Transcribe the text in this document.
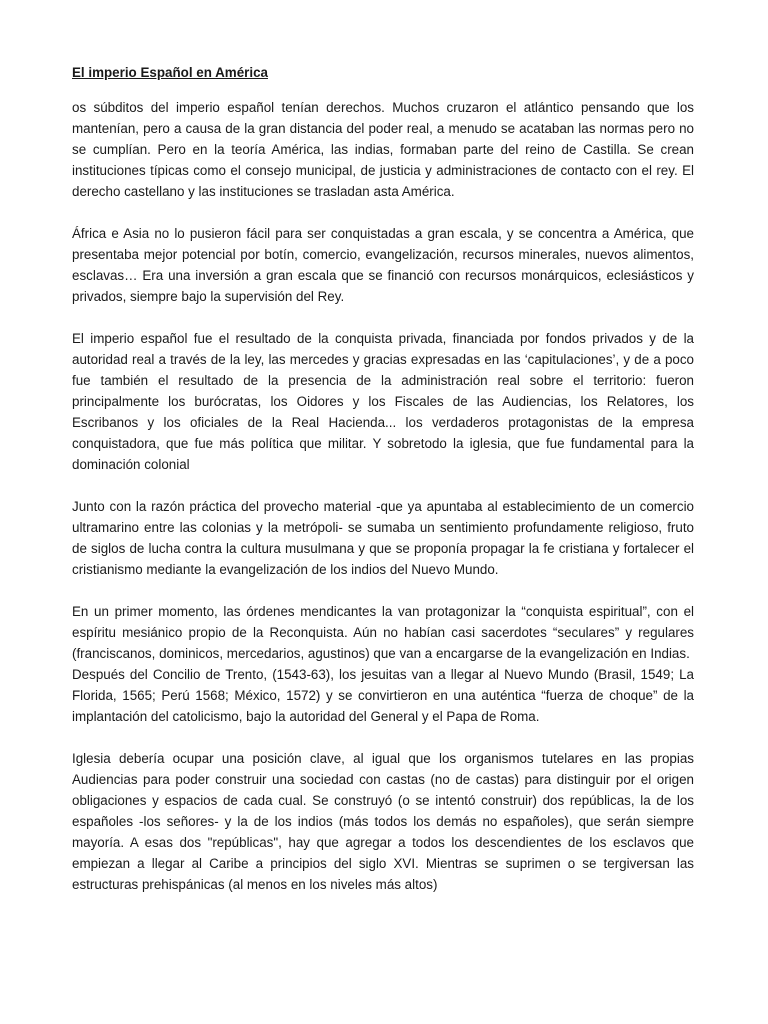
El imperio Español en América

os súbditos del imperio español tenían derechos. Muchos cruzaron el atlántico pensando que los mantenían, pero a causa de la gran distancia del poder real, a menudo se acataban las normas pero no se cumplían. Pero en la teoría América, las indias, formaban parte del reino de Castilla. Se crean instituciones típicas como el consejo municipal, de justicia y administraciones de contacto con el rey. El derecho castellano y las instituciones se trasladan asta América.

África e Asia no lo pusieron fácil para ser conquistadas a gran escala, y se concentra a América, que presentaba mejor potencial por botín, comercio, evangelización, recursos minerales, nuevos alimentos, esclavas… Era una inversión a gran escala que se financió con recursos monárquicos, eclesiásticos y privados, siempre bajo la supervisión del Rey.

El imperio español fue el resultado de la conquista privada, financiada por fondos privados y de la autoridad real a través de la ley, las mercedes y gracias expresadas en las ‘capitulaciones’, y de a poco fue también el resultado de la presencia de la administración real sobre el territorio: fueron principalmente los burócratas, los Oidores y los Fiscales de las Audiencias, los Relatores, los Escribanos y los oficiales de la Real Hacienda... los verdaderos protagonistas de la empresa conquistadora, que fue más política que militar. Y sobretodo la iglesia, que fue fundamental para la dominación colonial

Junto con la razón práctica del provecho material -que ya apuntaba al establecimiento de un comercio ultramarino entre las colonias y la metrópoli- se sumaba un sentimiento profundamente religioso, fruto de siglos de lucha contra la cultura musulmana y que se proponía propagar la fe cristiana y fortalecer el cristianismo mediante la evangelización de los indios del Nuevo Mundo.

En un primer momento, las órdenes mendicantes la van protagonizar la “conquista espiritual”, con el espíritu mesiánico propio de la Reconquista. Aún no habían casi sacerdotes “seculares” y regulares (franciscanos, dominicos, mercedarios, agustinos) que van a encargarse de la evangelización en Indias.

Después del Concilio de Trento, (1543-63), los jesuitas van a llegar al Nuevo Mundo (Brasil, 1549; La Florida, 1565; Perú 1568; México, 1572) y se convirtieron en una auténtica “fuerza de choque” de la implantación del catolicismo, bajo la autoridad del General y el Papa de Roma.

Iglesia debería ocupar una posición clave, al igual que los organismos tutelares en las propias Audiencias para poder construir una sociedad con castas (no de castas) para distinguir por el origen obligaciones y espacios de cada cual. Se construyó (o se intentó construir) dos repúblicas, la de los españoles -los señores- y la de los indios (más todos los demás no españoles), que serán siempre mayoría. A esas dos "repúblicas", hay que agregar a todos los descendientes de los esclavos que empiezan a llegar al Caribe a principios del siglo XVI. Mientras se suprimen o se tergiversan las estructuras prehispánicas (al menos en los niveles más altos)
